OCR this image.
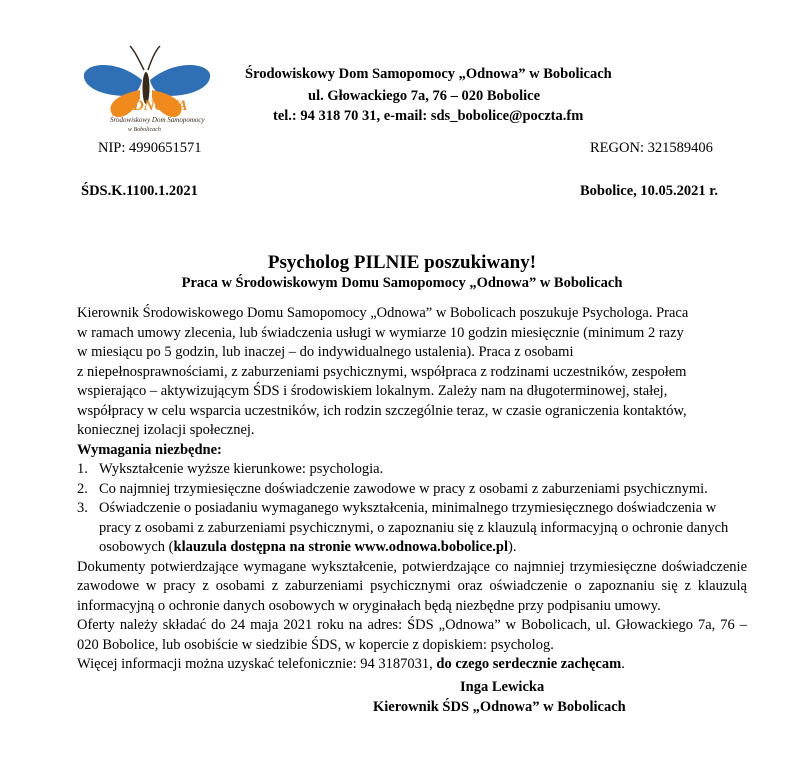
ODNOWA
Środowiskowy Dom Samopomocy
w Bobolicach
Środowiskowy Dom Samopomocy „Odnowa” w Bobolicach
ul. Głowackiego 7a, 76 – 020 Bobolice
tel.: 94 318 70 31, e-mail: sds_bobolice@poczta.fm
NIP: 4990651571	REGON: 321589406
ŚDS.K.1100.1.2021	Bobolice, 10.05.2021 r.
Psycholog PILNIE poszukiwany!
Praca w Środowiskowym Domu Samopomocy „Odnowa” w Bobolicach

Kierownik Środowiskowego Domu Samopomocy „Odnowa” w Bobolicach poszukuje Psychologa. Praca

w ramach umowy zlecenia, lub świadczenia usługi w wymiarze 10 godzin miesięcznie (minimum 2 razy

w miesiącu po 5 godzin, lub inaczej – do indywidualnego ustalenia). Praca z osobami

z niepełnosprawnościami, z zaburzeniami psychicznymi, współpraca z rodzinami uczestników, zespołem

wspierająco – aktywizującym ŚDS i środowiskiem lokalnym. Zależy nam na długoterminowej, stałej,

współpracy w celu wsparcia uczestników, ich rodzin szczególnie teraz, w czasie ograniczenia kontaktów,

koniecznej izolacji społecznej.

Wymagania niezbędne:

1. Wykształcenie wyższe kierunkowe: psychologia.
2. Co najmniej trzymiesięczne doświadczenie zawodowe w pracy z osobami z zaburzeniami psychicznymi.
3. Oświadczenie o posiadaniu wymaganego wykształcenia, minimalnego trzymiesięcznego doświadczenia w pracy z osobami z zaburzeniami psychicznymi, o zapoznaniu się z klauzulą informacyjną o ochronie danych osobowych (klauzula dostępna na stronie www.odnowa.bobolice.pl).

Dokumenty potwierdzające wymagane wykształcenie, potwierdzające co najmniej trzymiesięczne doświadczenie zawodowe w pracy z osobami z zaburzeniami psychicznymi oraz oświadczenie o zapoznaniu się z klauzulą informacyjną o ochronie danych osobowych w oryginałach będą niezbędne przy podpisaniu umowy.

Oferty należy składać do 24 maja 2021 roku na adres: ŚDS „Odnowa” w Bobolicach, ul. Głowackiego 7a, 76 – 020 Bobolice, lub osobiście w siedzibie ŚDS, w kopercie z dopiskiem: psycholog.

Więcej informacji można uzyskać telefonicznie: 94 3187031, do czego serdecznie zachęcam.

Inga Lewicka
Kierownik ŚDS „Odnowa” w Bobolicach
